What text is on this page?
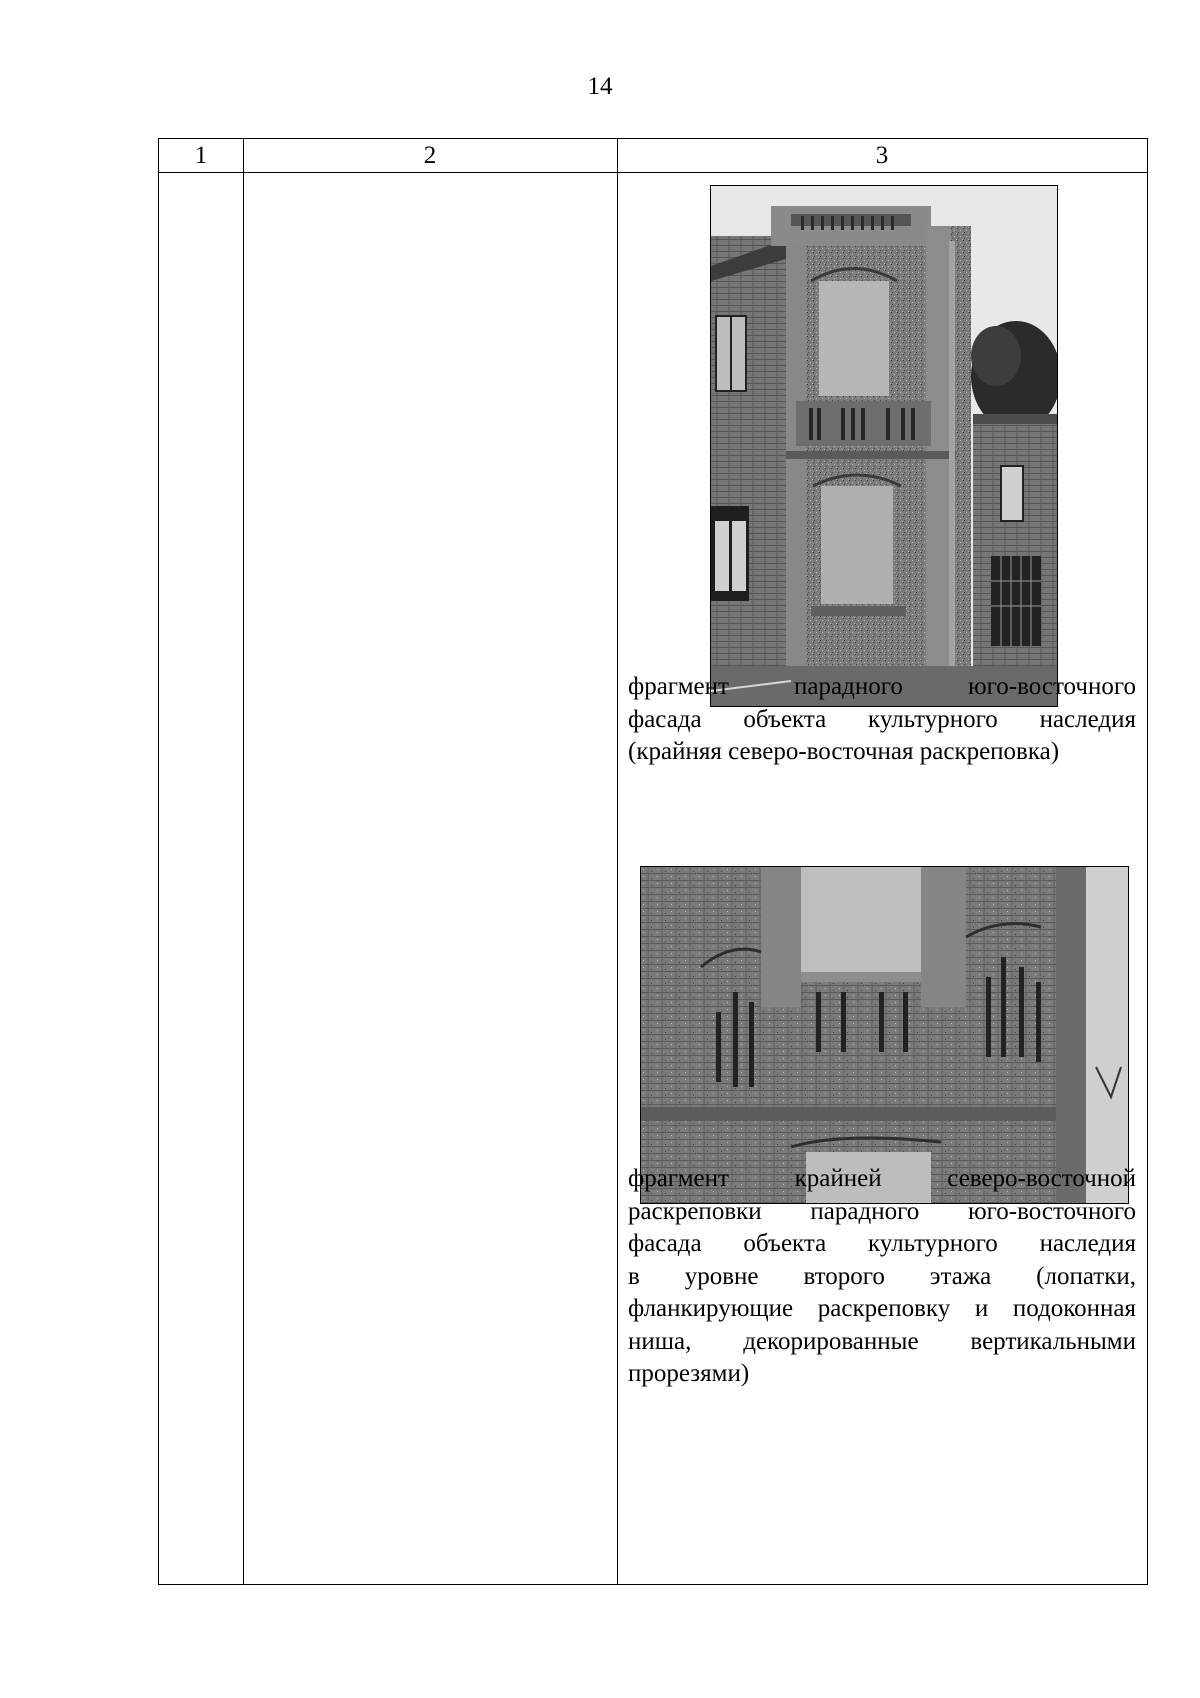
14
1	2	3
фрагмент парадного юго-восточного
фасада объекта культурного наследия
(крайняя северо-восточная раскреповка)
фрагмент крайней северо-восточной
раскреповки парадного юго-восточного
фасада объекта культурного наследия
в уровне второго этажа (лопатки,
фланкирующие раскреповку и подоконная
ниша, декорированные вертикальными
прорезями)
